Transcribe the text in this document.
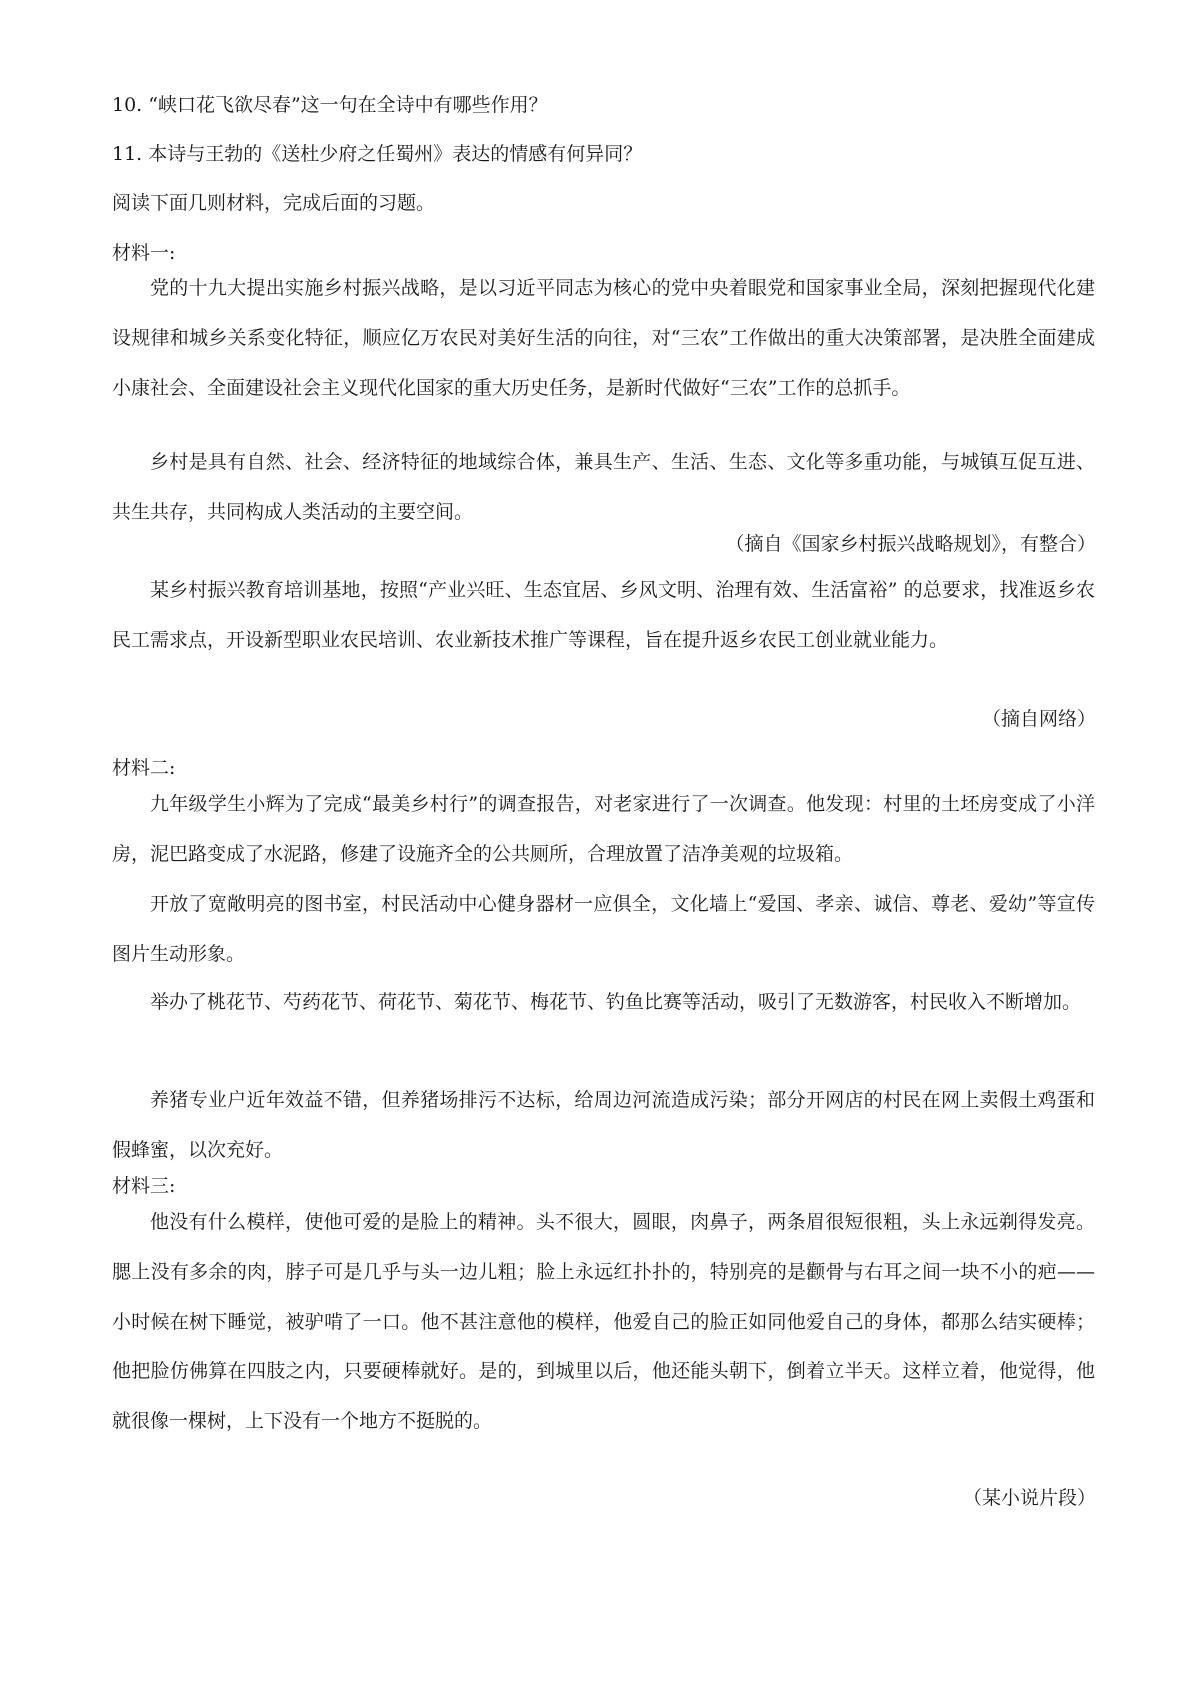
10. “峡口花飞欲尽春”这一句在全诗中有哪些作用？
11. 本诗与王勃的《送杜少府之任蜀州》表达的情感有何异同？
阅读下面几则材料，完成后面的习题。
材料一:

党的十九大提出实施乡村振兴战略，是以习近平同志为核心的党中央着眼党和国家事业全局，深刻把握现代化建设规律和城乡关系变化特征，顺应亿万农民对美好生活的向往，对“三农”工作做出的重大决策部署，是决胜全面建成小康社会、全面建设社会主义现代化国家的重大历史任务，是新时代做好“三农”工作的总抓手。

乡村是具有自然、社会、经济特征的地域综合体，兼具生产、生活、生态、文化等多重功能，与城镇互促互进、共生共存，共同构成人类活动的主要空间。

（摘自《国家乡村振兴战略规划》，有整合）

某乡村振兴教育培训基地，按照“产业兴旺、生态宜居、乡风文明、治理有效、生活富裕” 的总要求，找准返乡农民工需求点，开设新型职业农民培训、农业新技术推广等课程，旨在提升返乡农民工创业就业能力。

（摘自网络）
材料二:

九年级学生小辉为了完成“最美乡村行”的调查报告，对老家进行了一次调查。他发现：村里的土坯房变成了小洋房，泥巴路变成了水泥路，修建了设施齐全的公共厕所，合理放置了洁净美观的垃圾箱。

开放了宽敞明亮的图书室，村民活动中心健身器材一应俱全，文化墙上“爱国、孝亲、诚信、尊老、爱幼”等宣传图片生动形象。

举办了桃花节、芍药花节、荷花节、菊花节、梅花节、钓鱼比赛等活动，吸引了无数游客，村民收入不断增加。

养猪专业户近年效益不错，但养猪场排污不达标，给周边河流造成污染；部分开网店的村民在网上卖假土鸡蛋和假蜂蜜，以次充好。

材料三:

他没有什么模样，使他可爱的是脸上的精神。头不很大，圆眼，肉鼻子，两条眉很短很粗，头上永远剃得发亮。腮上没有多余的肉，脖子可是几乎与头一边儿粗；脸上永远红扑扑的，特别亮的是颧骨与右耳之间一块不小的疤——小时候在树下睡觉，被驴啃了一口。他不甚注意他的模样，他爱自己的脸正如同他爱自己的身体，都那么结实硬棒；他把脸仿佛算在四肢之内，只要硬棒就好。是的，到城里以后，他还能头朝下，倒着立半天。这样立着，他觉得，他就很像一棵树，上下没有一个地方不挺脱的。

（某小说片段）
